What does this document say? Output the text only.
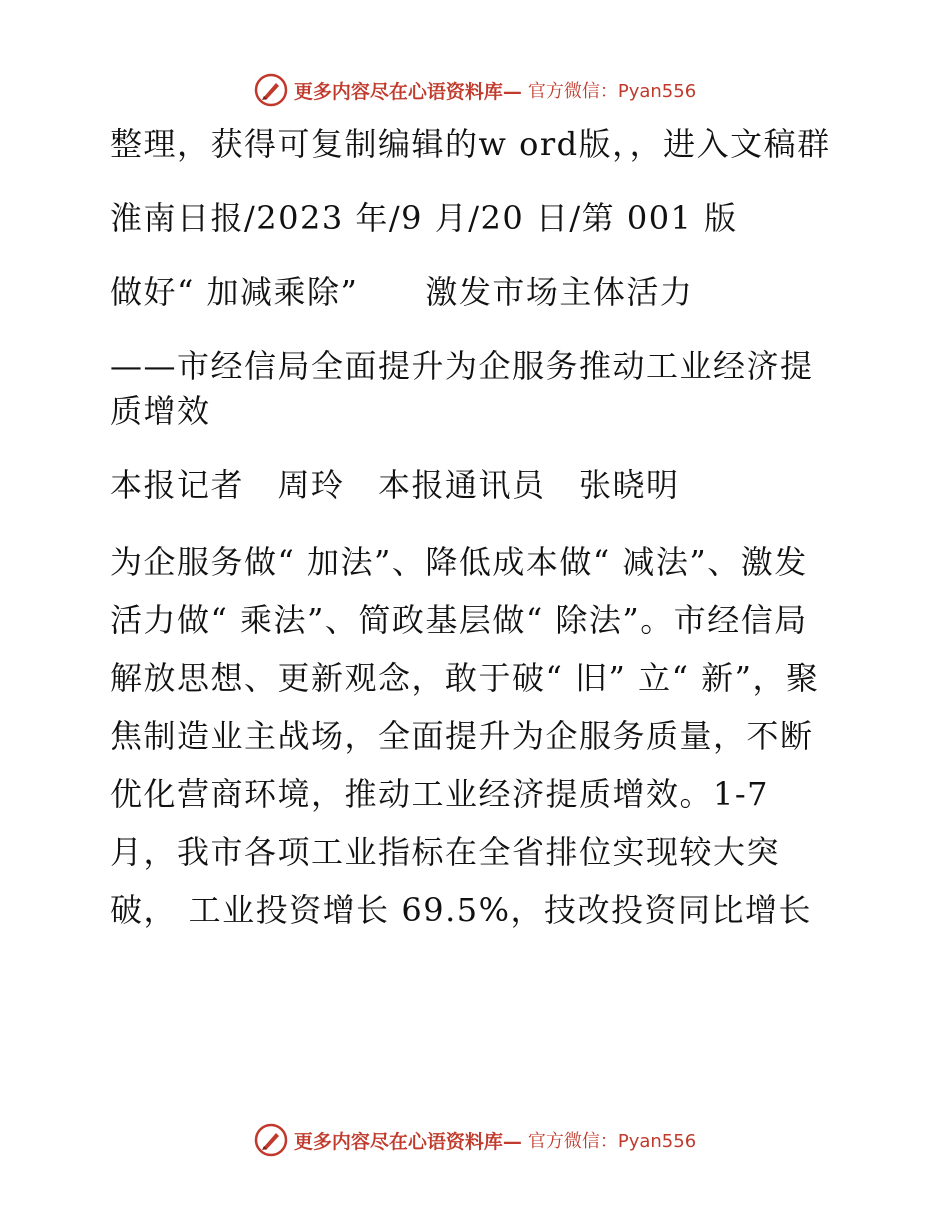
更多内容尽在心语资料库— 官方微信：Pyan556
整理，获得可复制编辑的w ord版，，进入文稿群
淮南日报/2023 年/9 月/20 日/第 001 版
做好“ 加减乘除”　　激发市场主体活力
——市经信局全面提升为企服务推动工业经济提质增效
本报记者　周玲　本报通讯员　张晓明
为企服务做“ 加法”、降低成本做“ 减法”、激发活力做“ 乘法”、简政基层做“ 除法”。市经信局解放思想、更新观念，敢于破“ 旧” 立“ 新”，聚焦制造业主战场，全面提升为企服务质量，不断优化营商环境，推动工业经济提质增效。1-7　月，我市各项工业指标在全省排位实现较大突破， 工业投资增长 69.5%，技改投资同比增长
更多内容尽在心语资料库— 官方微信：Pyan556
